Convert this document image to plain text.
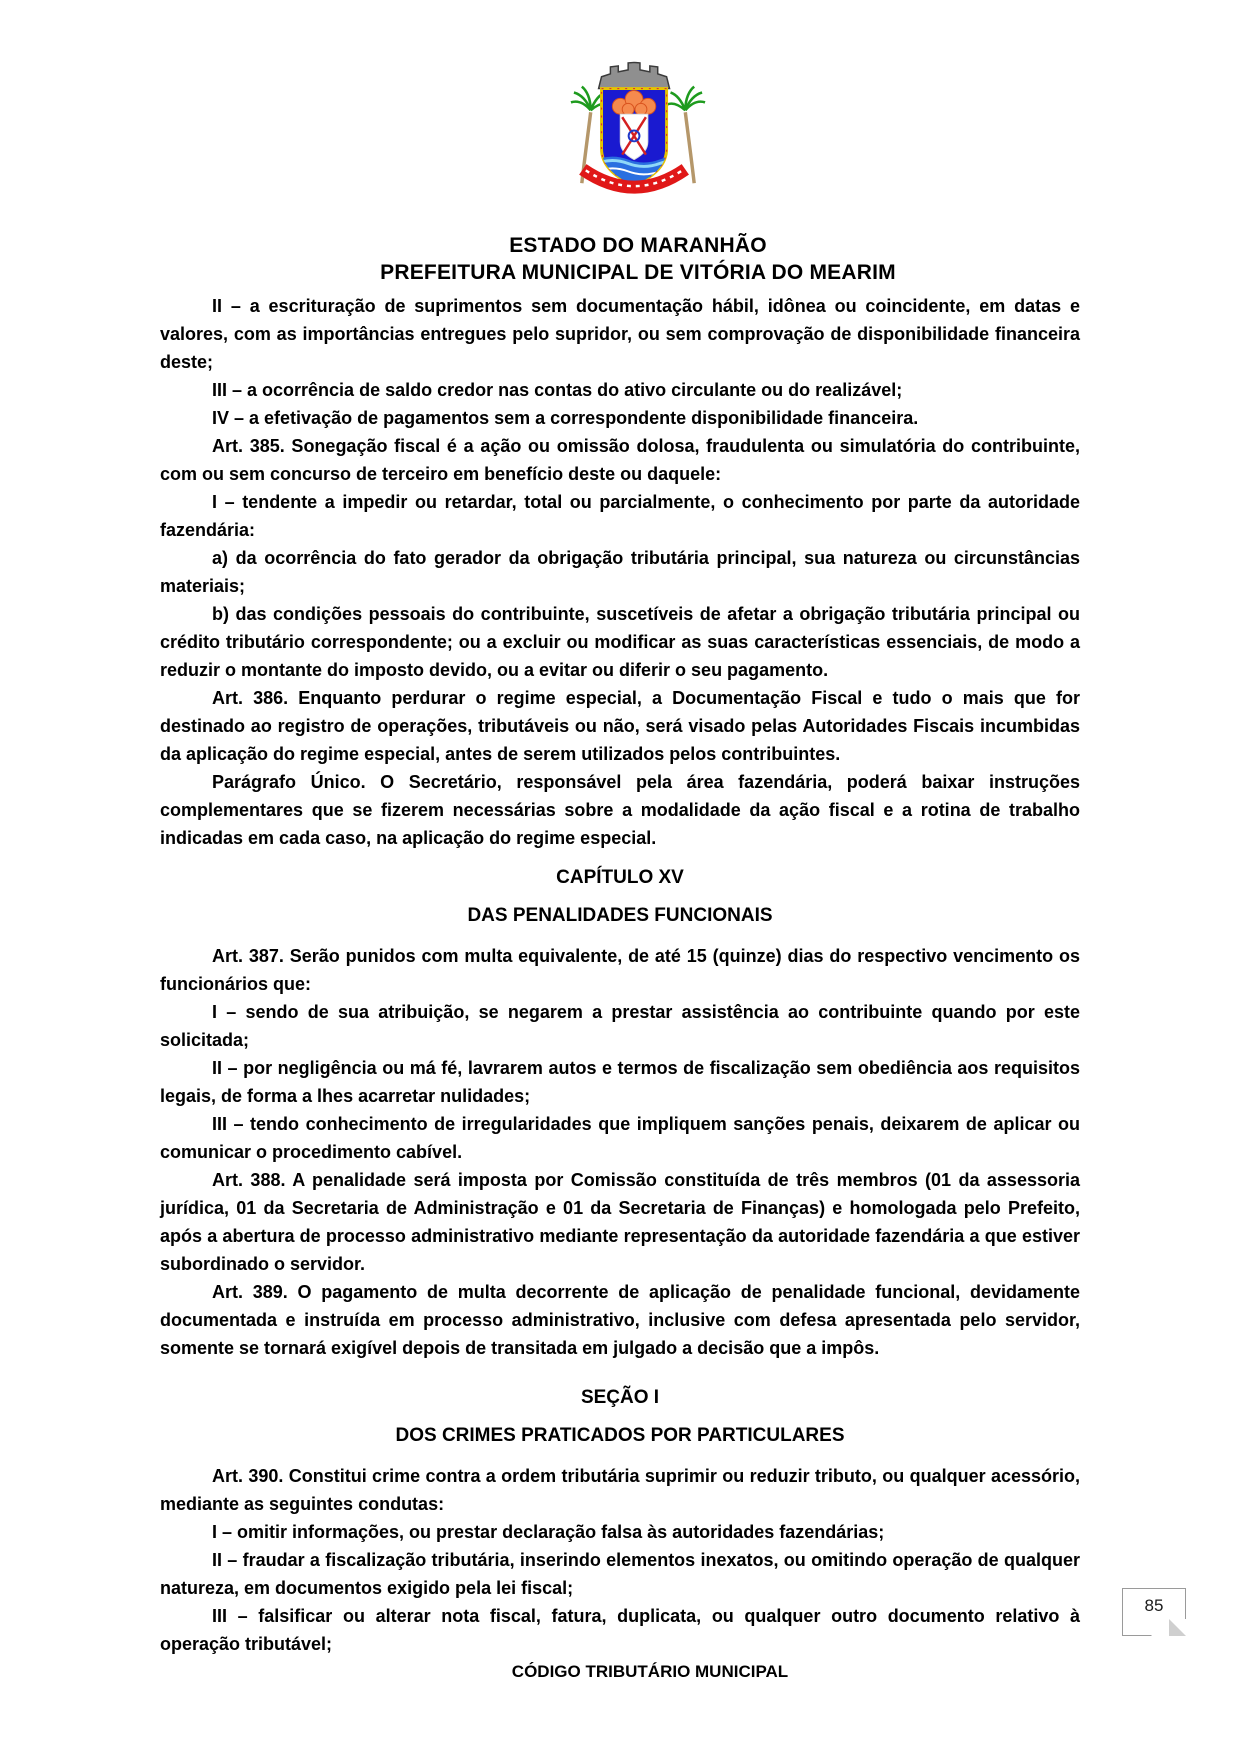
ESTADO DO MARANHÃO
PREFEITURA MUNICIPAL DE VITÓRIA DO MEARIM

II – a escrituração de suprimentos sem documentação hábil, idônea ou coincidente, em datas e valores, com as importâncias entregues pelo supridor, ou sem comprovação de disponibilidade financeira deste;

III – a ocorrência de saldo credor nas contas do ativo circulante ou do realizável;

IV – a efetivação de pagamentos sem a correspondente disponibilidade financeira.

Art. 385. Sonegação fiscal é a ação ou omissão dolosa, fraudulenta ou simulatória do contribuinte, com ou sem concurso de terceiro em benefício deste ou daquele:

I – tendente a impedir ou retardar, total ou parcialmente, o conhecimento por parte da autoridade fazendária:

a) da ocorrência do fato gerador da obrigação tributária principal, sua natureza ou circunstâncias materiais;

b) das condições pessoais do contribuinte, suscetíveis de afetar a obrigação tributária principal ou crédito tributário correspondente; ou a excluir ou modificar as suas características essenciais, de modo a reduzir o montante do imposto devido, ou a evitar ou diferir o seu pagamento.

Art. 386. Enquanto perdurar o regime especial, a Documentação Fiscal e tudo o mais que for destinado ao registro de operações, tributáveis ou não, será visado pelas Autoridades Fiscais incumbidas da aplicação do regime especial, antes de serem utilizados pelos contribuintes.

Parágrafo Único. O Secretário, responsável pela área fazendária, poderá baixar instruções complementares que se fizerem necessárias sobre a modalidade da ação fiscal e a rotina de trabalho indicadas em cada caso, na aplicação do regime especial.

CAPÍTULO XV
DAS PENALIDADES FUNCIONAIS

Art. 387. Serão punidos com multa equivalente, de até 15 (quinze) dias do respectivo vencimento os funcionários que:

I – sendo de sua atribuição, se negarem a prestar assistência ao contribuinte quando por este solicitada;

II – por negligência ou má fé, lavrarem autos e termos de fiscalização sem obediência aos requisitos legais, de forma a lhes acarretar nulidades;

III – tendo conhecimento de irregularidades que impliquem sanções penais, deixarem de aplicar ou comunicar o procedimento cabível.

Art. 388. A penalidade será imposta por Comissão constituída de três membros (01 da assessoria jurídica, 01 da Secretaria de Administração e 01 da Secretaria de Finanças) e homologada pelo Prefeito, após a abertura de processo administrativo mediante representação da autoridade fazendária a que estiver subordinado o servidor.

Art. 389. O pagamento de multa decorrente de aplicação de penalidade funcional, devidamente documentada e instruída em processo administrativo, inclusive com defesa apresentada pelo servidor, somente se tornará exigível depois de transitada em julgado a decisão que a impôs.

SEÇÃO I
DOS CRIMES PRATICADOS POR PARTICULARES

Art. 390. Constitui crime contra a ordem tributária suprimir ou reduzir tributo, ou qualquer acessório, mediante as seguintes condutas:

I – omitir informações, ou prestar declaração falsa às autoridades fazendárias;

II – fraudar a fiscalização tributária, inserindo elementos inexatos, ou omitindo operação de qualquer natureza, em documentos exigido pela lei fiscal;

III – falsificar ou alterar nota fiscal, fatura, duplicata, ou qualquer outro documento relativo à operação tributável;

85
CÓDIGO TRIBUTÁRIO MUNICIPAL
